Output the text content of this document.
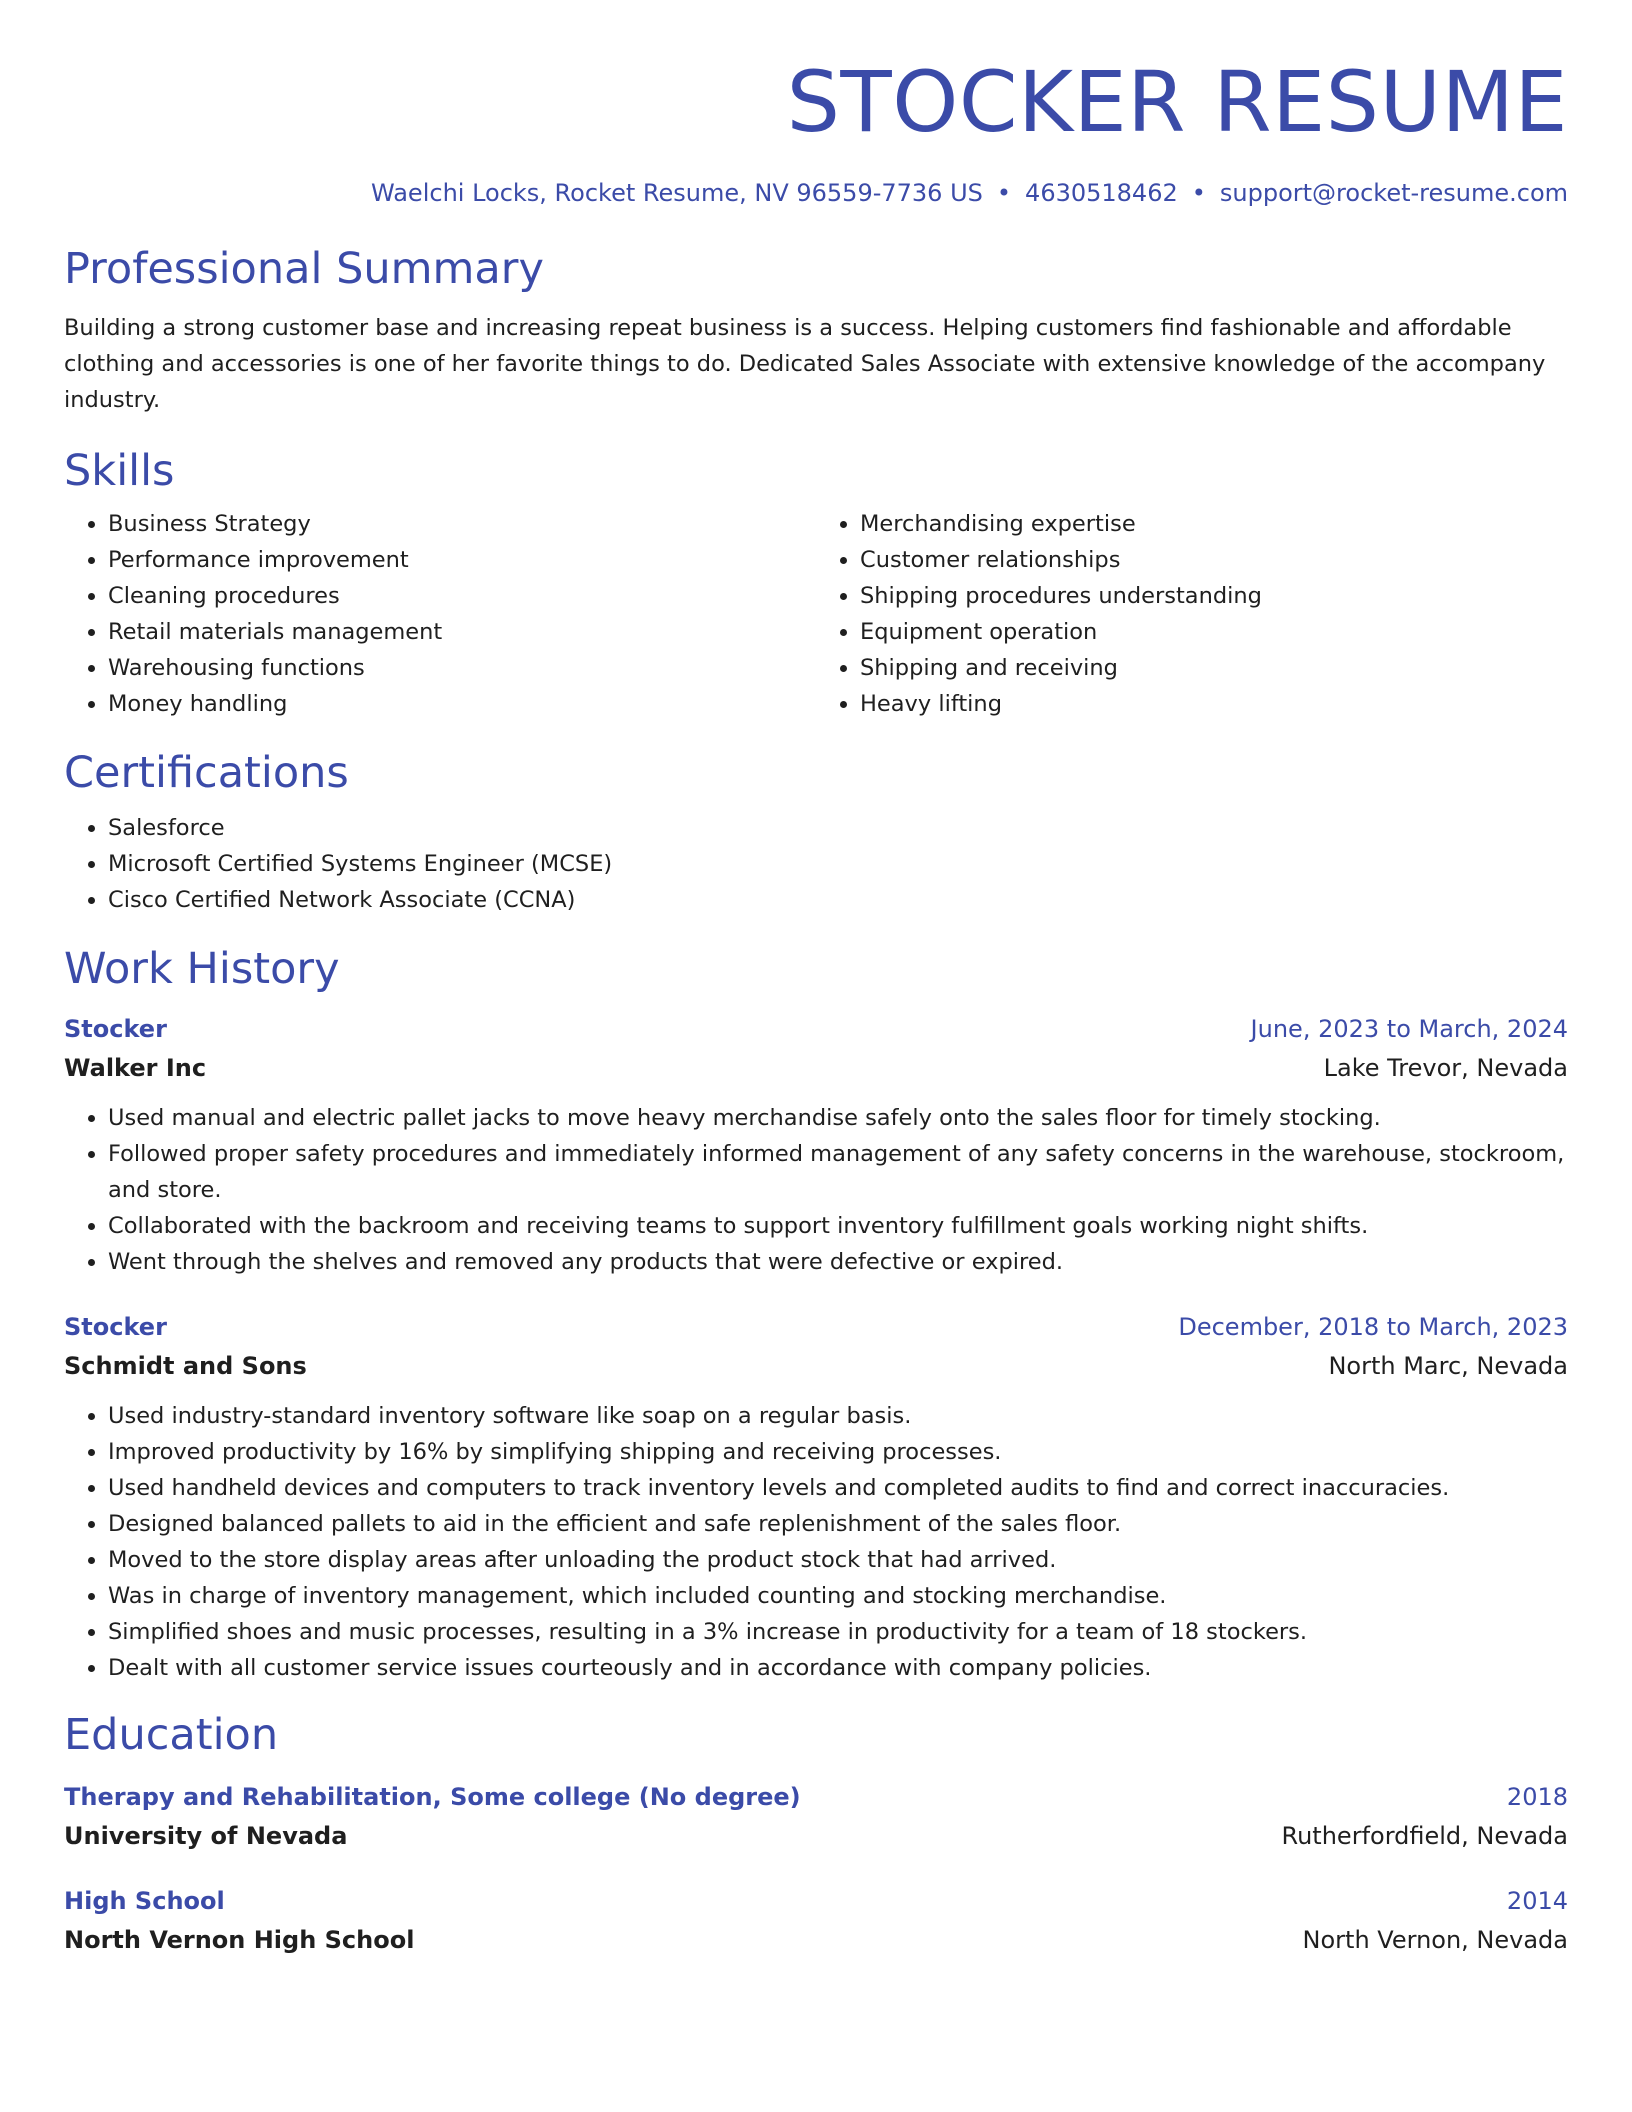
STOCKER RESUME
Waelchi Locks, Rocket Resume, NV 96559-7736 US • 4630518462 • support@rocket-resume.com
Professional Summary

Building a strong customer base and increasing repeat business is a success. Helping customers find fashionable and affordable clothing and accessories is one of her favorite things to do. Dedicated Sales Associate with extensive knowledge of the accompany industry.

Skills
• Business Strategy
• Performance improvement
• Cleaning procedures
• Retail materials management
• Warehousing functions
• Money handling
• Merchandising expertise
• Customer relationships
• Shipping procedures understanding
• Equipment operation
• Shipping and receiving
• Heavy lifting
Certifications
• Salesforce
• Microsoft Certified Systems Engineer (MCSE)
• Cisco Certified Network Associate (CCNA)
Work History
Stocker	June, 2023 to March, 2024
Walker Inc	Lake Trevor, Nevada
• Used manual and electric pallet jacks to move heavy merchandise safely onto the sales floor for timely stocking.
• Followed proper safety procedures and immediately informed management of any safety concerns in the warehouse, stockroom, and store.
• Collaborated with the backroom and receiving teams to support inventory fulfillment goals working night shifts.
• Went through the shelves and removed any products that were defective or expired.
Stocker	December, 2018 to March, 2023
Schmidt and Sons	North Marc, Nevada
• Used industry-standard inventory software like soap on a regular basis.
• Improved productivity by 16% by simplifying shipping and receiving processes.
• Used handheld devices and computers to track inventory levels and completed audits to find and correct inaccuracies.
• Designed balanced pallets to aid in the efficient and safe replenishment of the sales floor.
• Moved to the store display areas after unloading the product stock that had arrived.
• Was in charge of inventory management, which included counting and stocking merchandise.
• Simplified shoes and music processes, resulting in a 3% increase in productivity for a team of 18 stockers.
• Dealt with all customer service issues courteously and in accordance with company policies.
Education
Therapy and Rehabilitation, Some college (No degree)	2018
University of Nevada	Rutherfordfield, Nevada
High School	2014
North Vernon High School	North Vernon, Nevada
